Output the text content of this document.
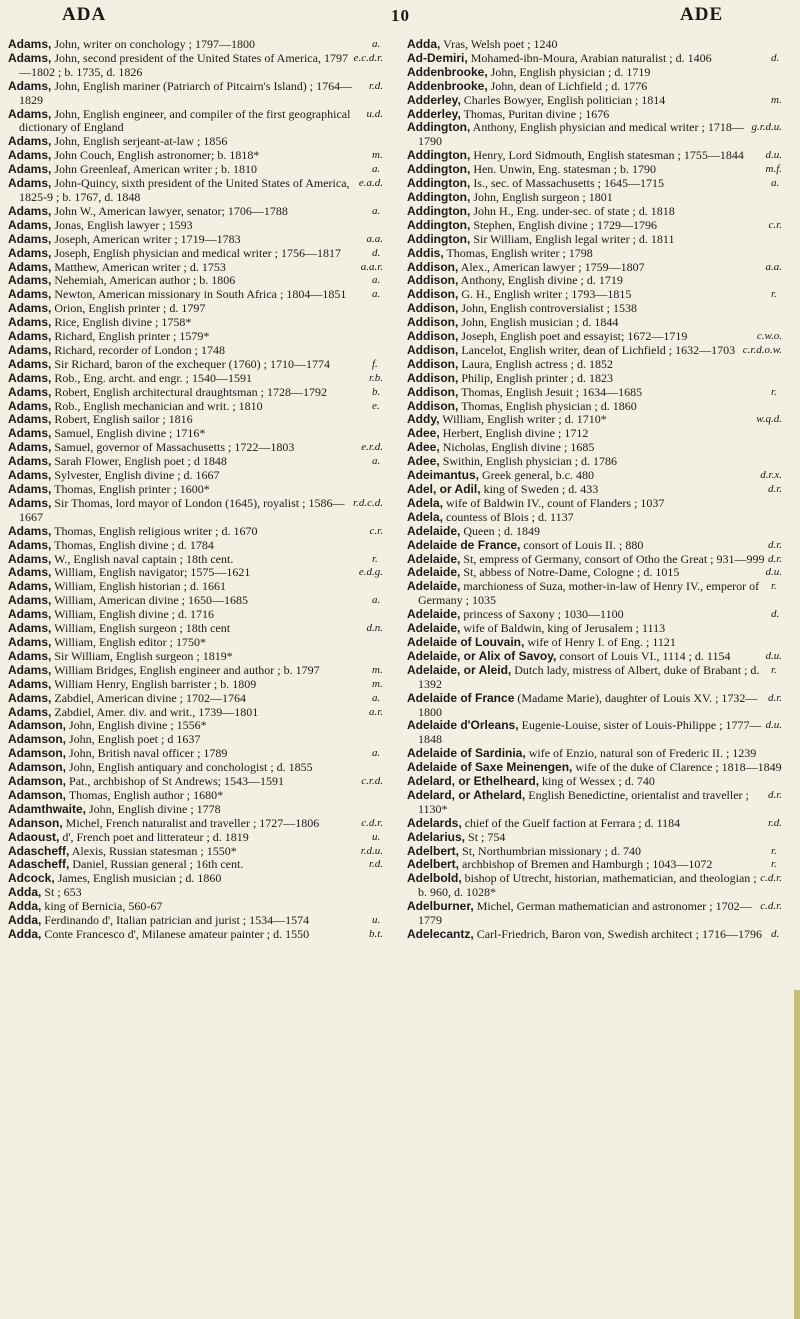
ADA	10	ADE
a.
Adams, John, writer on conchology ; 1797—1800
e.c.d.r.
Adams, John, second president of the United States of America, 1797—1802 ; b. 1735, d. 1826
r.d.
Adams, John, English mariner (Patriarch of Pitcairn's Island) ; 1764—1829
u.d.
Adams, John, English engineer, and compiler of the first geographical dictionary of England
Adams, John, English serjeant-at-law ; 1856
m.
Adams, John Couch, English astronomer; b. 1818*
a.
Adams, John Greenleaf, American writer ; b. 1810
e.a.d.
Adams, John-Quincy, sixth president of the United States of America, 1825-9 ; b. 1767, d. 1848
a.
Adams, John W., American lawyer, senator; 1706—1788
Adams, Jonas, English lawyer ; 1593
a.a.
Adams, Joseph, American writer ; 1719—1783
d.
Adams, Joseph, English physician and medical writer ; 1756—1817
a.a.r.
Adams, Matthew, American writer ; d. 1753
a.
Adams, Nehemiah, American author ; b. 1806
a.
Adams, Newton, American missionary in South Africa ; 1804—1851
Adams, Orion, English printer ; d. 1797
Adams, Rice, English divine ; 1758*
Adams, Richard, English printer ; 1579*
Adams, Richard, recorder of London ; 1748
f.
Adams, Sir Richard, baron of the exchequer (1760) ; 1710—1774
r.b.
Adams, Rob., Eng. archt. and engr. ; 1540—1591
b.
Adams, Robert, English architectural draughtsman ; 1728—1792
e.
Adams, Rob., English mechanician and writ. ; 1810
Adams, Robert, English sailor ; 1816
Adams, Samuel, English divine ; 1716*
e.r.d.
Adams, Samuel, governor of Massachusetts ; 1722—1803
a.
Adams, Sarah Flower, English poet ; d 1848
Adams, Sylvester, English divine ; d. 1667
Adams, Thomas, English printer ; 1600*
r.d.c.d.
Adams, Sir Thomas, lord mayor of London (1645), royalist ; 1586—1667
c.r.
Adams, Thomas, English religious writer ; d. 1670
Adams, Thomas, English divine ; d. 1784
r.
Adams, W., English naval captain ; 18th cent.
e.d.g.
Adams, William, English navigator; 1575—1621
Adams, William, English historian ; d. 1661
a.
Adams, William, American divine ; 1650—1685
Adams, William, English divine ; d. 1716
d.n.
Adams, William, English surgeon ; 18th cent
Adams, William, English editor ; 1750*
Adams, Sir William, English surgeon ; 1819*
m.
Adams, William Bridges, English engineer and author ; b. 1797
m.
Adams, William Henry, English barrister ; b. 1809
a.
Adams, Zabdiel, American divine ; 1702—1764
a.r.
Adams, Zabdiel, Amer. div. and writ., 1739—1801
Adamson, John, English divine ; 1556*
Adamson, John, English poet ; d 1637
a.
Adamson, John, British naval officer ; 1789
Adamson, John, English antiquary and conchologist ; d. 1855
c.r.d.
Adamson, Pat., archbishop of St Andrews; 1543—1591
Adamson, Thomas, English author ; 1680*
Adamthwaite, John, English divine ; 1778
c.d.r.
Adanson, Michel, French naturalist and traveller ; 1727—1806
u.
Adaoust, d', French poet and litterateur ; d. 1819
r.d.u.
Adascheff, Alexis, Russian statesman ; 1550*
r.d.
Adascheff, Daniel, Russian general ; 16th cent.
Adcock, James, English musician ; d. 1860
Adda, St ; 653
Adda, king of Bernicia, 560-67
u.
Adda, Ferdinando d', Italian patrician and jurist ; 1534—1574
b.t.
Adda, Conte Francesco d', Milanese amateur painter ; d. 1550
Adda, Vras, Welsh poet ; 1240
d.
Ad-Demiri, Mohamed-ibn-Moura, Arabian naturalist ; d. 1406
Addenbrooke, John, English physician ; d. 1719
Addenbrooke, John, dean of Lichfield ; d. 1776
m.
Adderley, Charles Bowyer, English politician ; 1814
Adderley, Thomas, Puritan divine ; 1676
g.r.d.u.
Addington, Anthony, English physician and medical writer ; 1718—1790
d.u.
Addington, Henry, Lord Sidmouth, English statesman ; 1755—1844
m.f.
Addington, Hen. Unwin, Eng. statesman ; b. 1790
a.
Addington, Is., sec. of Massachusetts ; 1645—1715
Addington, John, English surgeon ; 1801
Addington, John H., Eng. under-sec. of state ; d. 1818
c.r.
Addington, Stephen, English divine ; 1729—1796
Addington, Sir William, English legal writer ; d. 1811
Addis, Thomas, English writer ; 1798
a.a.
Addison, Alex., American lawyer ; 1759—1807
Addison, Anthony, English divine ; d. 1719
r.
Addison, G. H., English writer ; 1793—1815
Addison, John, English controversialist ; 1538
Addison, John, English musician ; d. 1844
c.w.o.
Addison, Joseph, English poet and essayist; 1672—1719
c.r.d.o.w.
Addison, Lancelot, English writer, dean of Lichfield ; 1632—1703
Addison, Laura, English actress ; d. 1852
Addison, Philip, English printer ; d. 1823
r.
Addison, Thomas, English Jesuit ; 1634—1685
Addison, Thomas, English physician ; d. 1860
w.q.d.
Addy, William, English writer ; d. 1710*
Adee, Herbert, English divine ; 1712
Adee, Nicholas, English divine ; 1685
Adee, Swithin, English physician ; d. 1786
d.r.x.
Adeimantus, Greek general, b.c. 480
d.r.
Adel, or Adil, king of Sweden ; d. 433
Adela, wife of Baldwin IV., count of Flanders ; 1037
Adela, countess of Blois ; d. 1137
Adelaide, Queen ; d. 1849
d.r.
Adelaide de France, consort of Louis II. ; 880
d.r.
Adelaide, St, empress of Germany, consort of Otho the Great ; 931—999
d.u.
Adelaide, St, abbess of Notre-Dame, Cologne ; d. 1015
r.
Adelaide, marchioness of Suza, mother-in-law of Henry IV., emperor of Germany ; 1035
d.
Adelaide, princess of Saxony ; 1030—1100
Adelaide, wife of Baldwin, king of Jerusalem ; 1113
Adelaide of Louvain, wife of Henry I. of Eng. ; 1121
d.u.
Adelaide, or Alix of Savoy, consort of Louis VI., 1114 ; d. 1154
r.
Adelaide, or Aleid, Dutch lady, mistress of Albert, duke of Brabant ; d. 1392
d.r.
Adelaide of France (Madame Marie), daughter of Louis XV. ; 1732—1800
d.u.
Adelaide d'Orleans, Eugenie-Louise, sister of Louis-Philippe ; 1777—1848
Adelaide of Sardinia, wife of Enzio, natural son of Frederic II. ; 1239
Adelaide of Saxe Meinengen, wife of the duke of Clarence ; 1818—1849
Adelard, or Ethelheard, king of Wessex ; d. 740
d.r.
Adelard, or Athelard, English Benedictine, orientalist and traveller ; 1130*
r.d.
Adelards, chief of the Guelf faction at Ferrara ; d. 1184
Adelarius, St ; 754
r.
Adelbert, St, Northumbrian missionary ; d. 740
r.
Adelbert, archbishop of Bremen and Hamburgh ; 1043—1072
c.d.r.
Adelbold, bishop of Utrecht, historian, mathematician, and theologian ; b. 960, d. 1028*
c.d.r.
Adelburner, Michel, German mathematician and astronomer ; 1702—1779
d.
Adelecantz, Carl-Friedrich, Baron von, Swedish architect ; 1716—1796
